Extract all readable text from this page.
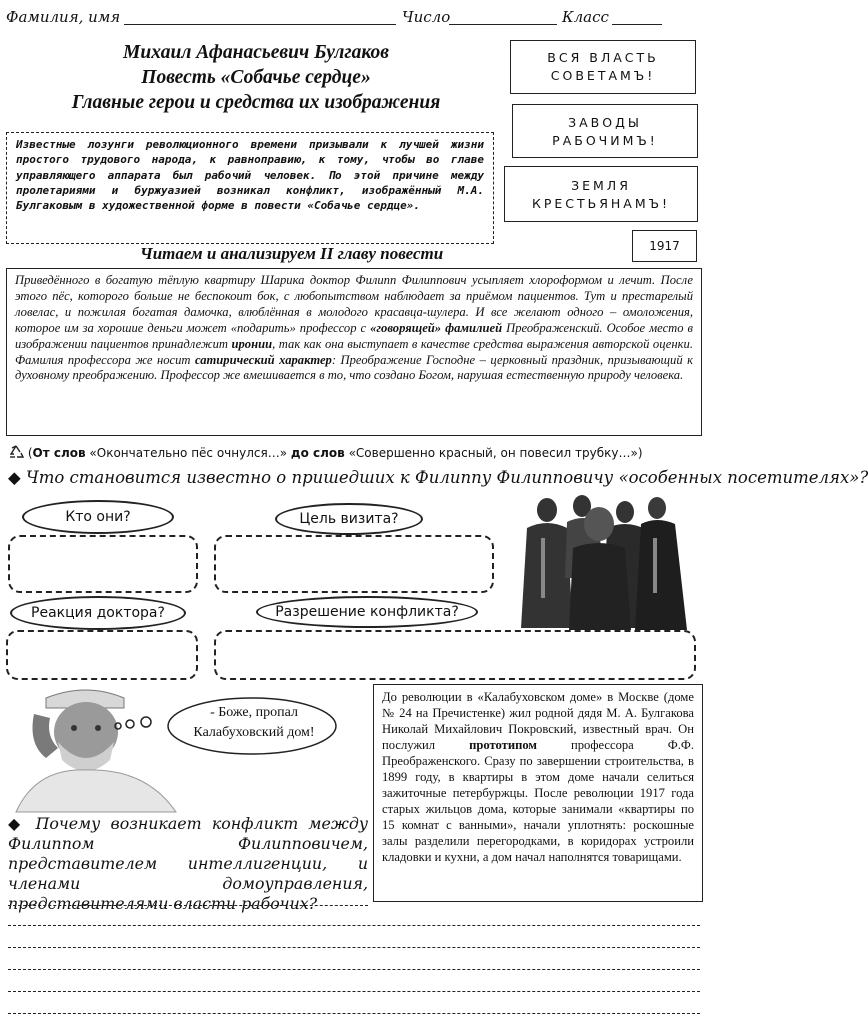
Фамилия, имя	Число	Класс
Михаил Афанасьевич Булгаков
Повесть «Собачье сердце»
Главные герои и средства их изображения
ВСЯ ВЛАСТЬ
СОВЕТАМЪ!
ЗАВОДЫ
РАБОЧИМЪ!
ЗЕМЛЯ
КРЕСТЬЯНАМЪ!
1917
Известные лозунги революционного времени призывали к лучшей жизни простого трудового народа, к равноправию, к тому, чтобы во главе управляющего аппарата был рабочий человек. По этой причине между пролетариями и буржуазией возникал конфликт, изображённый М.А. Булгаковым в художественной форме в повести «Собачье сердце».
Читаем и анализируем II главу повести
Приведённого в богатую тёплую квартиру Шарика доктор Филипп Филиппович усыпляет хлороформом и лечит. После этого пёс, которого больше не беспокоит бок, с любопытством наблюдает за приёмом пациентов. Тут и престарелый ловелас, и пожилая богатая дамочка, влюблённая в молодого красавца-шулера. И все желают одного – омоложения, которое им за хорошие деньги может «подарить» профессор с «говорящей» фамилией Преображенский. Особое место в изображении пациентов принадлежит иронии, так как она выступает в качестве средства выражения авторской оценки. Фамилия профессора же носит сатирический характер: Преображение Господне – церковный праздник, призывающий к духовному преображению. Профессор же вмешивается в то, что создано Богом, нарушая естественную природу человека.
(От слов «Окончательно пёс очнулся…» до слов «Совершенно красный, он повесил трубку…»)
◆ Что становится известно о пришедших к Филиппу Филипповичу «особенных посетителях»?
Кто они?	Цель визита?
Реакция доктора?	Разрешение конфликта?
- Боже, пропал Калабуховский дом!
До революции в «Калабуховском доме» в Москве (доме № 24 на Пречистенке) жил родной дядя М. А. Булгакова Николай Михайлович Покровский, известный врач. Он послужил	прототипом	профессора Ф.Ф. Преображенского. Сразу по завершении строительства, в 1899 году, в квартиры в этом доме начали селиться зажиточные петербуржцы. После революции 1917 года старых жильцов дома, которые занимали «квартиры по 15 комнат с ванными», начали уплотнять: роскошные залы разделили перегородками, в коридорах устроили кладовки и кухни, а дом начал наполнятся товарищами.
◆ Почему возникает конфликт между Филиппом Филипповичем, представителем интеллигенции, и членами домоуправления, представителями власти рабочих?
